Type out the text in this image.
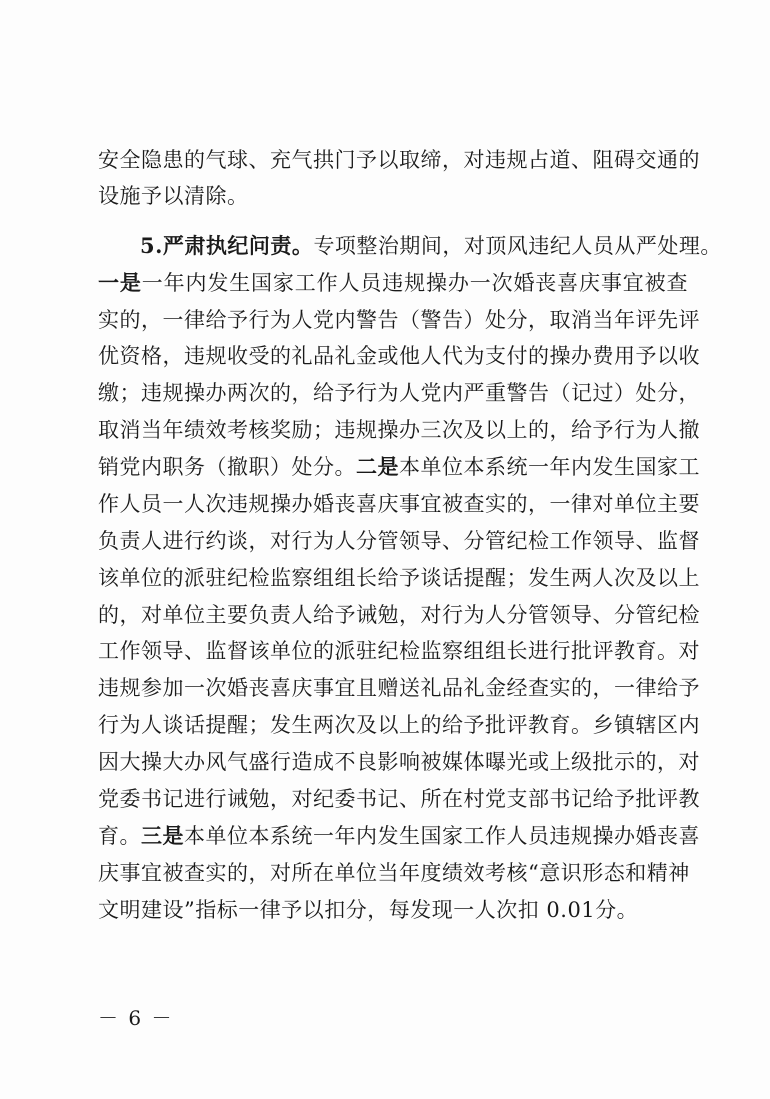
安全隐患的气球、充气拱门予以取缔，对违规占道、阻碍交通的
设施予以清除。
5.严肃执纪问责。专项整治期间，对顶风违纪人员从严处理。
一是一年内发生国家工作人员违规操办一次婚丧喜庆事宜被查
实的，一律给予行为人党内警告（警告）处分，取消当年评先评
优资格，违规收受的礼品礼金或他人代为支付的操办费用予以收
缴；违规操办两次的，给予行为人党内严重警告（记过）处分，
取消当年绩效考核奖励；违规操办三次及以上的，给予行为人撤
销党内职务（撤职）处分。二是本单位本系统一年内发生国家工
作人员一人次违规操办婚丧喜庆事宜被查实的，一律对单位主要
负责人进行约谈，对行为人分管领导、分管纪检工作领导、监督
该单位的派驻纪检监察组组长给予谈话提醒；发生两人次及以上
的，对单位主要负责人给予诫勉，对行为人分管领导、分管纪检
工作领导、监督该单位的派驻纪检监察组组长进行批评教育。对
违规参加一次婚丧喜庆事宜且赠送礼品礼金经查实的，一律给予
行为人谈话提醒；发生两次及以上的给予批评教育。乡镇辖区内
因大操大办风气盛行造成不良影响被媒体曝光或上级批示的，对
党委书记进行诫勉，对纪委书记、所在村党支部书记给予批评教
育。三是本单位本系统一年内发生国家工作人员违规操办婚丧喜
庆事宜被查实的，对所在单位当年度绩效考核“意识形态和精神
文明建设”指标一律予以扣分，每发现一人次扣 0.01分。
－ 6 －
